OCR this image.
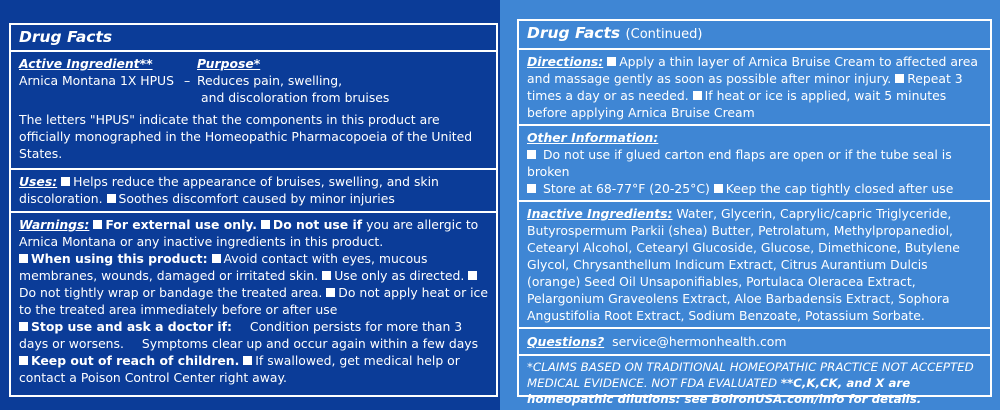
Drug Facts
Active Ingredient**	Purpose*
Arnica Montana 1X HPUS – Reduces pain, swelling,
and discoloration from bruises
The letters "HPUS" indicate that the components in this product are officially monographed in the Homeopathic Pharmacopoeia of the United States.
Uses: Helps reduce the appearance of bruises, swelling, and skin discoloration. Soothes discomfort caused by minor injuries
Warnings: For external use only. Do not use if you are allergic to Arnica Montana or any inactive ingredients in this product.
When using this product: Avoid contact with eyes, mucous membranes, wounds, damaged or irritated skin. Use only as directed. Do not tightly wrap or bandage the treated area. Do not apply heat or ice to the treated area immediately before or after use
Stop use and ask a doctor if: Condition persists for more than 3 days or worsens. Symptoms clear up and occur again within a few days
Keep out of reach of children. If swallowed, get medical help or contact a Poison Control Center right away.
Drug Facts (Continued)
Directions: Apply a thin layer of Arnica Bruise Cream to affected area and massage gently as soon as possible after minor injury. Repeat 3 times a day or as needed. If heat or ice is applied, wait 5 minutes before applying Arnica Bruise Cream
Other Information:
Do not use if glued carton end flaps are open or if the tube seal is broken
Store at 68-77°F (20-25°C) Keep the cap tightly closed after use
Inactive Ingredients: Water, Glycerin, Caprylic/capric Triglyceride, Butyrospermum Parkii (shea) Butter, Petrolatum, Methylpropanediol, Cetearyl Alcohol, Cetearyl Glucoside, Glucose, Dimethicone, Butylene Glycol, Chrysanthellum Indicum Extract, Citrus Aurantium Dulcis (orange) Seed Oil Unsaponifiables, Portulaca Oleracea Extract, Pelargonium Graveolens Extract, Aloe Barbadensis Extract, Sophora Angustifolia Root Extract, Sodium Benzoate, Potassium Sorbate.
Questions? service@hermonhealth.com
*CLAIMS BASED ON TRADITIONAL HOMEOPATHIC PRACTICE NOT ACCEPTED MEDICAL EVIDENCE. NOT FDA EVALUATED **C,K,CK, and X are homeopathic dilutions: see BoironUSA.com/info for details.
